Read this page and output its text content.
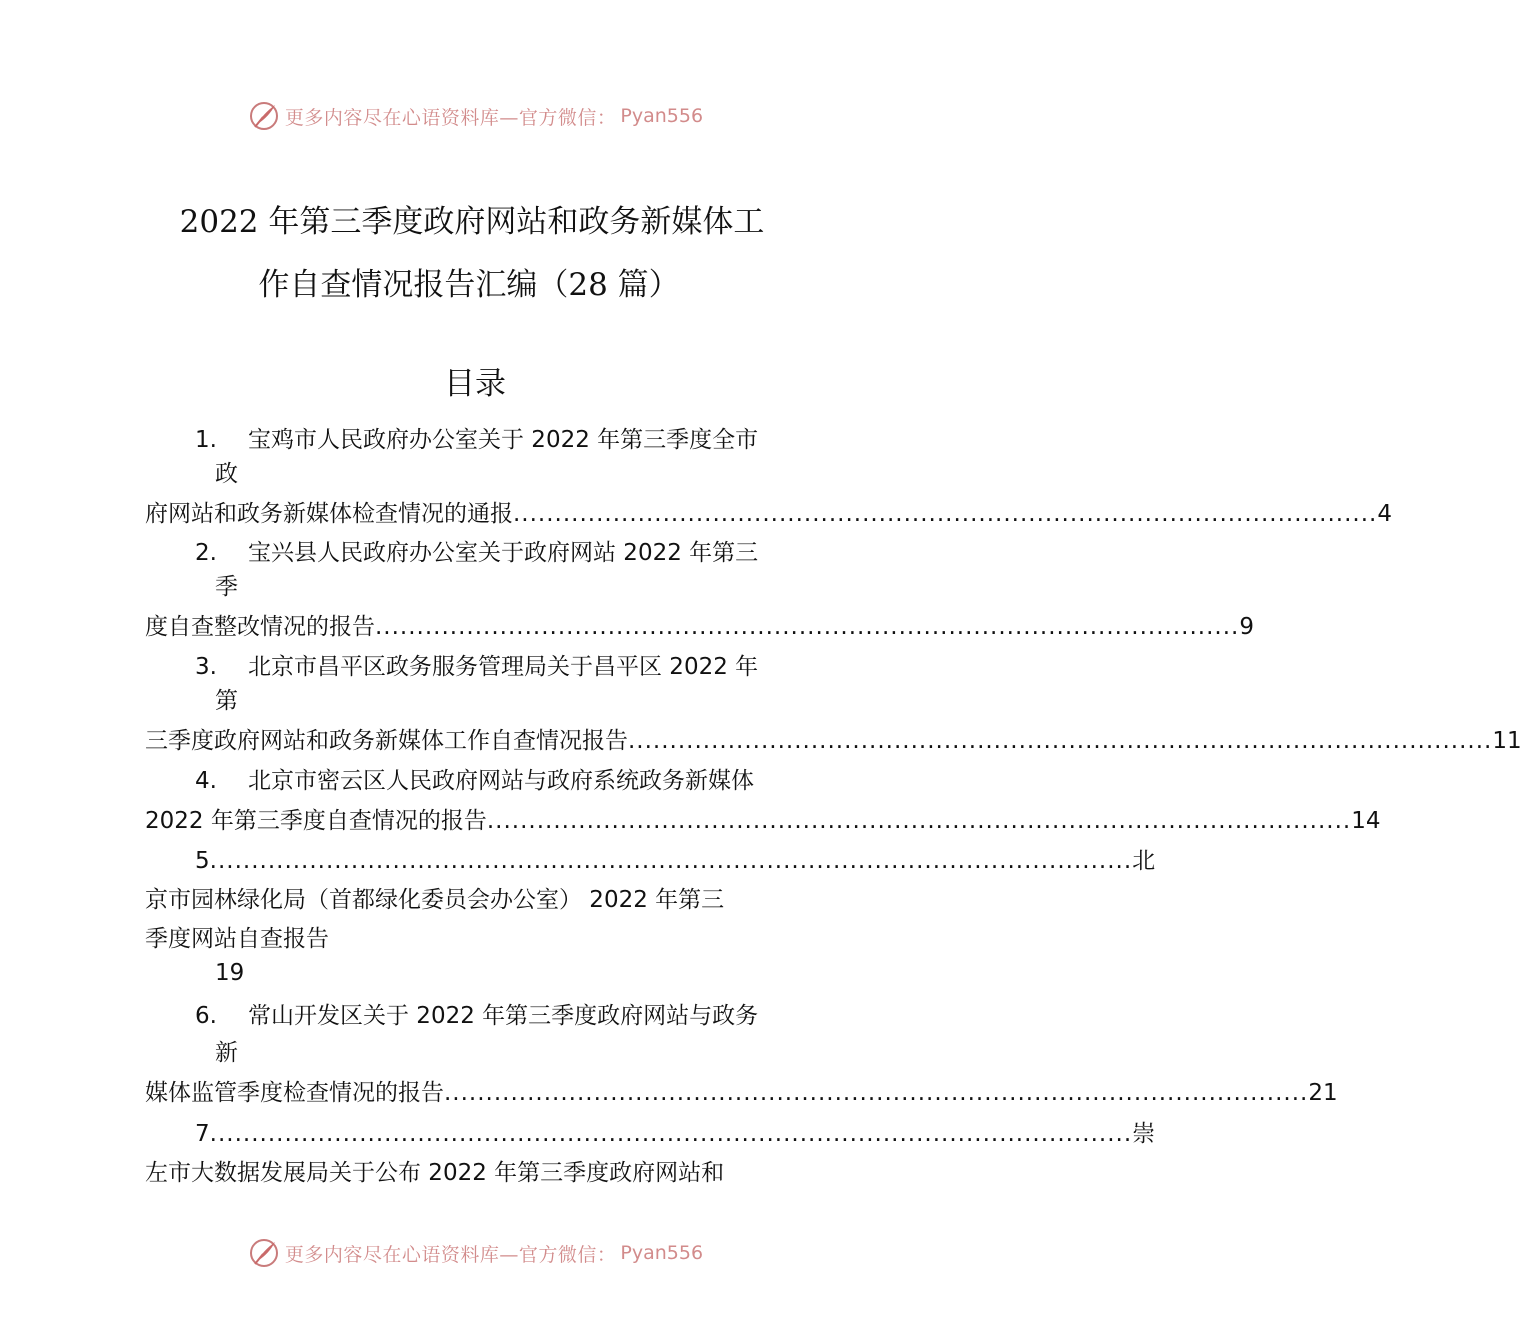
更多内容尽在心语资料库—官方微信： Pyan556
2022 年第三季度政府网站和政务新媒体工
作自查情况报告汇编（28 篇）
目录
1. 宝鸡市人民政府办公室关于 2022 年第三季度全市
政
府网站和政务新媒体检查情况的通报 ........................................................................................................ 4
2. 宝兴县人民政府办公室关于政府网站 2022 年第三
季
度自查整改情况的报告 ........................................................................................................ 9
3. 北京市昌平区政务服务管理局关于昌平区 2022 年
第
三季度政府网站和政务新媒体工作自查情况报告 ........................................................................................................ 11
4. 北京市密云区人民政府网站与政府系统政务新媒体
2022 年第三季度自查情况的报告 ........................................................................................................ 14
5 ............................................................................................................... 北
京市园林绿化局（首都绿化委员会办公室） 2022 年第三
季度网站自查报告
19
6. 常山开发区关于 2022 年第三季度政府网站与政务
新
媒体监管季度检查情况的报告 ........................................................................................................ 21
7 ............................................................................................................... 崇
左市大数据发展局关于公布 2022 年第三季度政府网站和
更多内容尽在心语资料库—官方微信： Pyan556
